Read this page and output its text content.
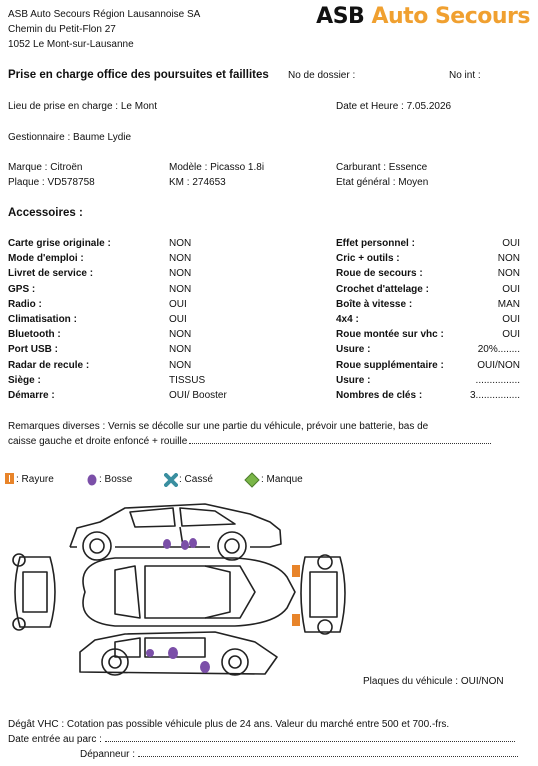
ASB Auto Secours Région Lausannoise SA
Chemin du Petit-Flon 27
1052 Le Mont-sur-Lausanne
ASB Auto Secours
Prise en charge office des poursuites et faillites No de dossier :	No int :
Lieu de prise en charge : Le Mont	Date et Heure : 7.05.2026
Gestionnaire : Baume Lydie
Marque : Citroën	Modèle : Picasso 1.8i	Carburant : Essence
Plaque : VD578758	KM : 274653	Etat général : Moyen
Accessoires :
Carte grise originale :	NON
Mode d'emploi :	NON
Livret de service :	NON
GPS :	NON
Radio :	OUI
Climatisation :	OUI
Bluetooth :	NON
Port USB :	NON
Radar de recule :	NON
Siège :	TISSUS
Démarre :	OUI/ Booster
Effet personnel :	OUI
Cric + outils :	NON
Roue de secours :	NON
Crochet d'attelage :	OUI
Boîte à vitesse :	MAN
4x4 :	OUI
Roue montée sur vhc :	OUI
Usure :	20%........
Roue supplémentaire :	OUI/NON
Usure :	................
Nombres de clés :	3................
Remarques diverses : Vernis se décolle sur une partie du véhicule, prévoir une batterie, bas de
caisse gauche et droite enfoncé + rouille
: Rayure	: Bosse	: Cassé	: Manque
Plaques du véhicule : OUI/NON
Dégât VHC : Cotation pas possible véhicule plus de 24 ans. Valeur du marché entre 500 et 700.-frs.
Date entrée au parc :
Dépanneur :
